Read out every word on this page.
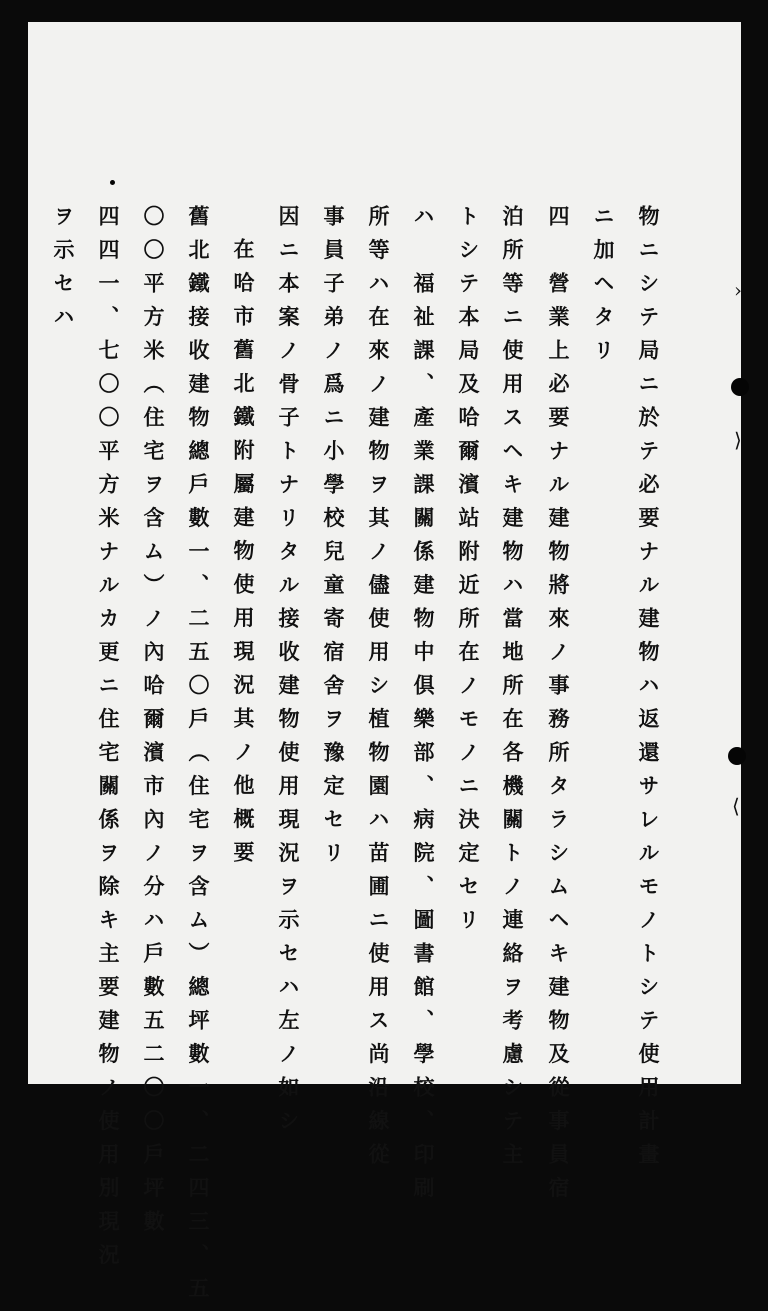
物ニシテ局ニ於テ必要ナル建物ハ返還サレルモノトシテ使用計畫
ニ加ヘタリ
四　營業上必要ナル建物將來ノ事務所タラシムヘキ建物及從事員宿
泊所等ニ使用スヘキ建物ハ當地所在各機關トノ連絡ヲ考慮シテ主
トシテ本局及哈爾濱站附近所在ノモノニ決定セリ
ハ　福祉課、產業課關係建物中倶樂部、病院、圖書館、學校、印刷
所等ハ在來ノ建物ヲ其ノ儘使用シ植物園ハ苗圃ニ使用ス尚沿線從
事員子弟ノ爲ニ小學校兒童寄宿舍ヲ豫定セリ
因ニ本案ノ骨子トナリタル接收建物使用現況ヲ示セハ左ノ如シ
在哈市舊北鐵附屬建物使用現況其ノ他概要
舊北鐵接收建物總戶數一、二五〇戶（住宅ヲ含ム）總坪數一、二四三、五
〇〇平方米（住宅ヲ含ム）ノ內哈爾濱市內ノ分ハ戶數五二〇〇戶坪數
四四一、七〇〇平方米ナルカ更ニ住宅關係ヲ除キ主要建物ノ使用別現況
ヲ示セハ	›
⟩
⟨
